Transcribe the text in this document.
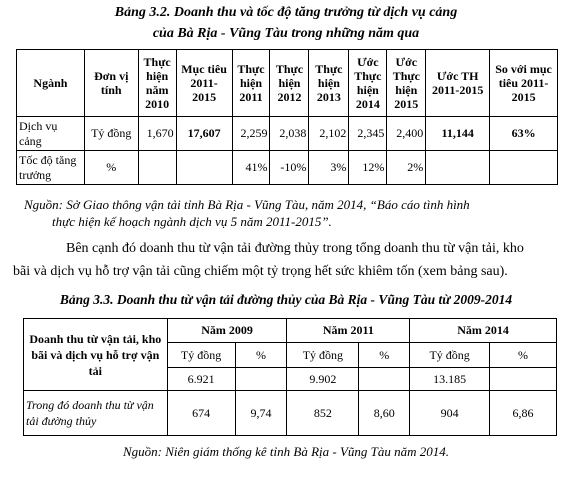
Bảng 3.2. Doanh thu và tốc độ tăng trưởng từ dịch vụ cảng
của Bà Rịa - Vũng Tàu trong những năm qua
Ngành	Đơn vị tính	Thực hiện năm 2010	Mục tiêu 2011-2015	Thực hiện 2011	Thực hiện 2012	Thực hiện 2013	Ước Thực hiện 2014	Ước Thực hiện 2015	Ước TH 2011-2015	So với mục tiêu 2011-2015
Dịch vụ cảng	Tỷ đồng	1,670	17,607	2,259	2,038	2,102	2,345	2,400	11,144	63%
Tốc độ tăng trưởng	%			41%	-10%	3%	12%	2%		
Nguồn: Sở Giao thông vận tải tỉnh Bà Rịa - Vũng Tàu, năm 2014, “Báo cáo tình hình
thực hiện kế hoạch ngành dịch vụ 5 năm 2011-2015”.
Bên cạnh đó doanh thu từ vận tải đường thủy trong tổng doanh thu từ vận tải, kho
bãi và dịch vụ hỗ trợ vận tải cũng chiếm một tỷ trọng hết sức khiêm tốn (xem bảng sau).
Bảng 3.3. Doanh thu từ vận tải đường thủy của Bà Rịa - Vũng Tàu từ 2009-2014
Doanh thu từ vận tải, kho bãi và dịch vụ hỗ trợ vận tải	Năm 2009		Năm 2011		Năm 2014	
	Tỷ đồng	%	Tỷ đồng	%	Tỷ đồng	%
	6.921		9.902		13.185	
Trong đó doanh thu từ vận tải đường thủy	674	9,74	852	8,60	904	6,86
Nguồn: Niên giám thống kê tỉnh Bà Rịa - Vũng Tàu năm 2014.
